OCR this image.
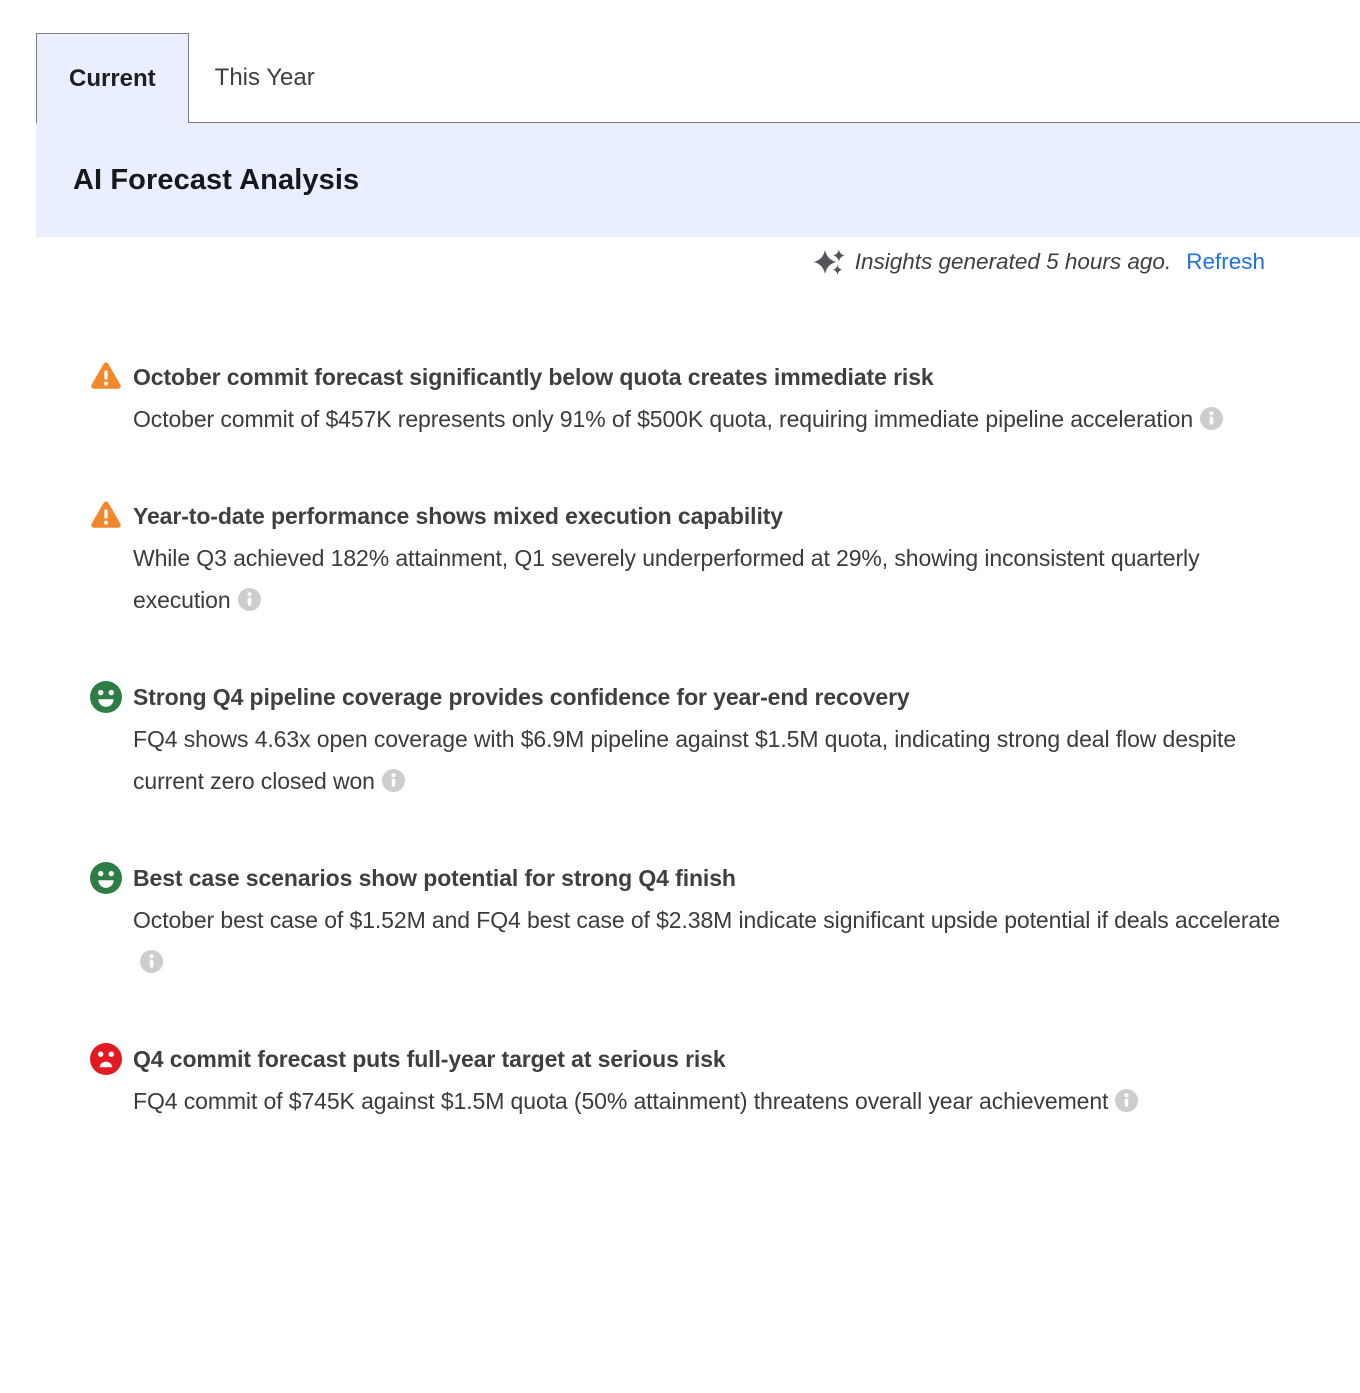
Current This Year
AI Forecast Analysis
Insights generated 5 hours ago. Refresh
October commit forecast significantly below quota creates immediate risk
October commit of $457K represents only 91% of $500K quota, requiring immediate pipeline acceleration
Year-to-date performance shows mixed execution capability
While Q3 achieved 182% attainment, Q1 severely underperformed at 29%, showing inconsistent quarterly execution
Strong Q4 pipeline coverage provides confidence for year-end recovery
FQ4 shows 4.63x open coverage with $6.9M pipeline against $1.5M quota, indicating strong deal flow despite current zero closed won
Best case scenarios show potential for strong Q4 finish
October best case of $1.52M and FQ4 best case of $2.38M indicate significant upside potential if deals accelerate
Q4 commit forecast puts full-year target at serious risk
FQ4 commit of $745K against $1.5M quota (50% attainment) threatens overall year achievement
